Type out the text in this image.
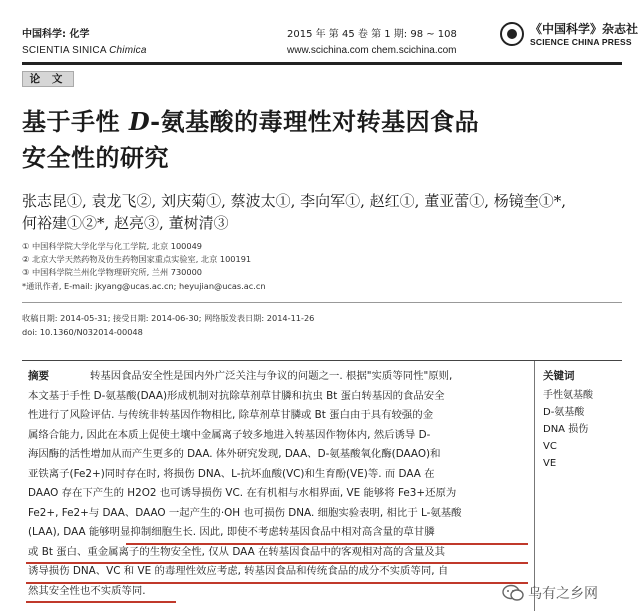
中国科学: 化学
SCIENTIA SINICA Chimica
2015 年 第 45 卷 第 1 期: 98 ~ 108
www.scichina.com chem.scichina.com
《中国科学》杂志社
SCIENCE CHINA PRESS
论 文
基于手性 D-氨基酸的毒理性对转基因食品
安全性的研究
张志昆①, 袁龙飞②, 刘庆菊①, 蔡波太①, 李向军①, 赵红①, 董亚蕾①, 杨镜奎①*,
何裕建①②*, 赵亮③, 董树清③
① 中国科学院大学化学与化工学院, 北京 100049
② 北京大学天然药物及仿生药物国家重点实验室, 北京 100191
③ 中国科学院兰州化学物理研究所, 兰州 730000
*通讯作者, E-mail: jkyang@ucas.ac.cn; heyujian@ucas.ac.cn
收稿日期: 2014-05-31; 接受日期: 2014-06-30; 网络版发表日期: 2014-11-26
doi: 10.1360/N032014-00048
摘要	转基因食品安全性是国内外广泛关注与争议的问题之一. 根据"实质等同性"原则,
本文基于手性 D-氨基酸(DAA)形成机制对抗除草剂草甘膦和抗虫 Bt 蛋白转基因的食品安全
性进行了风险评估. 与传统非转基因作物相比, 除草剂草甘膦或 Bt 蛋白由于具有较强的金
属络合能力, 因此在本质上促使土壤中金属离子较多地进入转基因作物体内, 然后诱导 D-
海因酶的活性增加从而产生更多的 DAA. 体外研究发现, DAA、D-氨基酸氧化酶(DAAO)和
亚铁离子(Fe2+)同时存在时, 将损伤 DNA、L-抗坏血酸(VC)和生育酚(VE)等. 而 DAA 在
DAAO 存在下产生的 H2O2 也可诱导损伤 VC. 在有机相与水相界面, VE 能够将 Fe3+还原为
Fe2+, Fe2+与 DAA、DAAO 一起产生的·OH 也可损伤 DNA. 细胞实验表明, 相比于 L-氨基酸
(LAA), DAA 能够明显抑制细胞生长. 因此, 即使不考虑转基因食品中相对高含量的草甘膦
或 Bt 蛋白、重金属离子的生物安全性, 仅从 DAA 在转基因食品中的客观相对高的含量及其
诱导损伤 DNA、VC 和 VE 的毒理性效应考虑, 转基因食品和传统食品的成分不实质等同, 自
然其安全性也不实质等同.
关键词
手性氨基酸
D-氨基酸
DNA 损伤
VC
VE
乌有之乡网
